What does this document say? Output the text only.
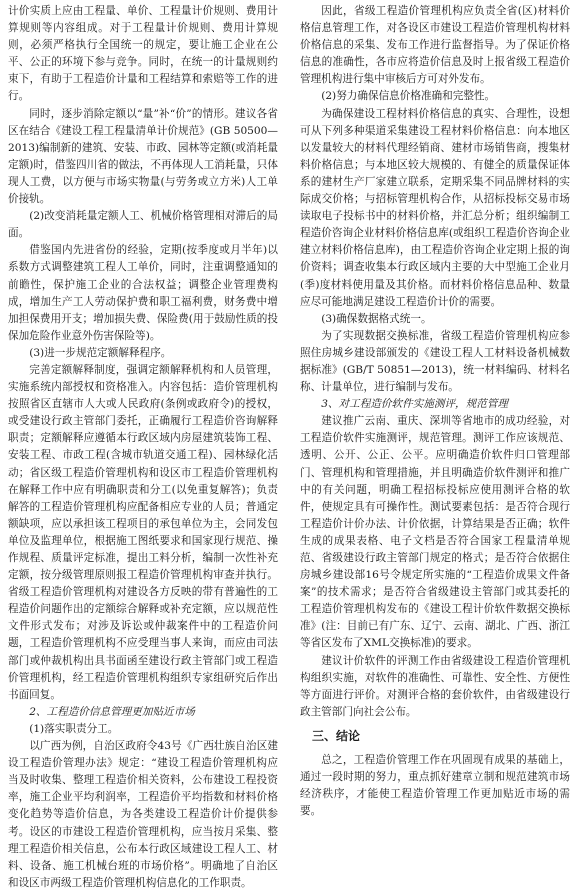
计价实质上应由工程量、单价、工程量计价规则、费用计算规则等内容组成。对于工程量计价规则、费用计算规则，必须严格执行全国统一的规定，要让施工企业在公平、公正的环境下参与竞争。同时，在统一的计量规则约束下，有助于工程造价计量和工程结算和索赔等工作的进行。

同时，逐步消除定额以“量”补“价”的情形。建议各省区在结合《建设工程工程量清单计价规范》(GB 50500—2013)编制新的建筑、安装、市政、园林等定额(或消耗量定额)时，借鉴四川省的做法，不再体现人工消耗量，只体现人工费，以方便与市场实物量(与劳务或立方米)人工单价接轨。

(2)改变消耗量定额人工、机械价格管理相对滞后的局面。

借鉴国内先进省份的经验，定期(按季度或月半年)以系数方式调整建筑工程人工单价，同时，注重调整通知的前瞻性，保护施工企业的合法权益；调整企业管理费构成，增加生产工人劳动保护费和职工福利费，财务费中增加担保费用开支；增加损失费、保险费(用于鼓励性质的投保加危险作业意外伤害保险等)。

(3)进一步规范定额解释程序。

完善定额解释制度，强调定额解释机构和人员管理，实施系统内部授权和资格准入。内容包括：造价管理机构按照省区直辖市人大或人民政府(条例或政府令)的授权，或受建设行政主管部门委托，正确履行工程造价咨询解释职责；定额解释应遵循本行政区域内房屋建筑装饰工程、安装工程、市政工程(含城市轨道交通工程)、园林绿化活动；省区级工程造价管理机构和设区市工程造价管理机构在解释工作中应有明确职责和分工(以免重复解答)；负责解答的工程造价管理机构应配备相应专业的人员；普通定额缺项，应以承担该工程项目的承包单位为主，会同发包单位及监理单位，根据施工图纸要求和国家现行规范、操作规程、质量评定标准，提出工料分析，编制一次性补充定额，按分级管理原则报工程造价管理机构审查并执行。省级工程造价管理机构对建设各方反映的带有普遍性的工程造价问题作出的定额综合解释或补充定额，应以规范性文件形式发布；对涉及诉讼或仲裁案件中的工程造价问题，工程造价管理机构不应受理当事人来询，而应由司法部门或仲裁机构出具书面函至建设行政主管部门或工程造价管理机构，经工程造价管理机构组织专家组研究后作出书面回复。

2、工程造价信息管理更加贴近市场

(1)落实职责分工。

以广西为例，自治区政府令43号《广西壮族自治区建设工程造价管理办法》规定：“建设工程造价管理机构应当及时收集、整理工程造价相关资料，公布建设工程投资率，施工企业平均利润率，工程造价平均指数和材料价格变化趋势等造价信息，为各类建设工程造价计价提供参考。设区的市建设工程造价管理机构，应当按月采集、整理工程造价相关信息，公布本行政区域建设工程人工、材料、设备、施工机械台班的市场价格”。明确地了自治区和设区市两级工程造价管理机构信息化的工作职责。

因此，省级工程造价管理机构应负责全省(区)材料价格信息管理工作，对各设区市建设工程造价管理机构材料价格信息的采集、发布工作进行监督指导。为了保证价格信息的准确性，各市应将造价信息及时上报省级工程造价管理机构进行集中审核后方可对外发布。

(2)努力确保信息价格准确和完整性。

为确保建设工程材料价格信息的真实、合理性，设想可从下列多种渠道采集建设工程材料价格信息：向本地区以发量较大的材料代理经销商、建材市场销售商，搜集材料价格信息；与本地区较大规模的、有健全的质量保证体系的建材生产厂家建立联系，定期采集不同品牌材料的实际成交价格；与招标管理机构合作，从招标投标交易市场读取电子投标书中的材料价格，并汇总分析；组织编制工程造价咨询企业材料价格信息库(或组织工程造价咨询企业建立材料价格信息库)，由工程造价咨询企业定期上报的询价资料；调查收集本行政区域内主要的大中型施工企业月(季)度材料使用量及其价格。而材料价格信息品种、数量应尽可能地满足建设工程造价计价的需要。

(3)确保数据格式统一。

为了实现数据交换标准，省级工程造价管理机构应参照住房城乡建设部颁发的《建设工程人工材料设备机械数据标准》(GB/T 50851—2013)，统一材料编码、材料名称、计量单位，进行编制与发布。

3、对工程造价软件实施测评，规范管理

建议推广云南、重庆、深圳等省地市的成功经验，对工程造价软件实施测评，规范管理。测评工作应该规范、透明、公开、公正、公平。应明确造价软件归口管理部门、管理机构和管理措施，并且明确造价软件测评和推广中的有关问题，明确工程招标投标应使用测评合格的软件，使规定具有可操作性。测试要素包括：是否符合现行工程造价计价办法、计价依据，计算结果是否正确；软件生成的成果表格、电子文档是否符合国家工程量清单规范、省级建设行政主管部门规定的格式；是否符合依据住房城乡建设部16号令规定所实施的“工程造价成果文件备案”的技术需求；是否符合省级建设主管部门或其委托的工程造价管理机构发布的《建设工程计价软件数据交换标准》(注：目前已有广东、辽宁、云南、湖北、广西、浙江等省区发布了XML交换标准)的要求。

建议计价软件的评测工作由省级建设工程造价管理机构组织实施，对软件的准确性、可靠性、安全性、方便性等方面进行评价。对测评合格的套价软件，由省级建设行政主管部门向社会公布。

三、结论

总之，工程造价管理工作在巩固现有成果的基础上，通过一段时期的努力，重点抓好建章立制和规范建筑市场经济秩序，才能使工程造价管理工作更加贴近市场的需要。
